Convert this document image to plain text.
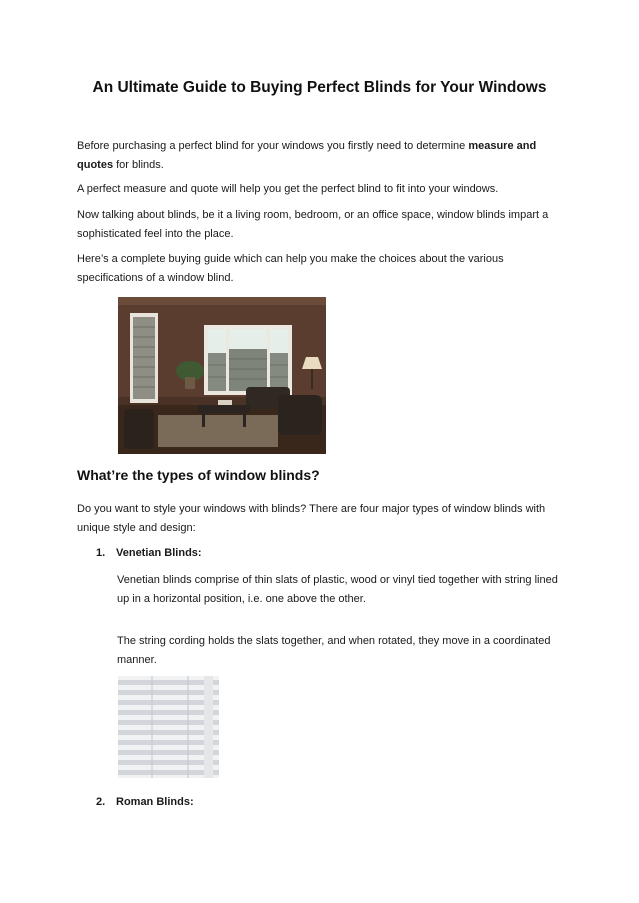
An Ultimate Guide to Buying Perfect Blinds for Your Windows

Before purchasing a perfect blind for your windows you firstly need to determine measure and quotes for blinds.

A perfect measure and quote will help you get the perfect blind to fit into your windows.

Now talking about blinds, be it a living room, bedroom, or an office space, window blinds impart a sophisticated feel into the place.

Here’s a complete buying guide which can help you make the choices about the various specifications of a window blind.

What’re the types of window blinds?

Do you want to style your windows with blinds? There are four major types of window blinds with unique style and design:

1. Venetian Blinds:

Venetian blinds comprise of thin slats of plastic, wood or vinyl tied together with string lined up in a horizontal position, i.e. one above the other.

The string cording holds the slats together, and when rotated, they move in a coordinated manner.

2. Roman Blinds:
